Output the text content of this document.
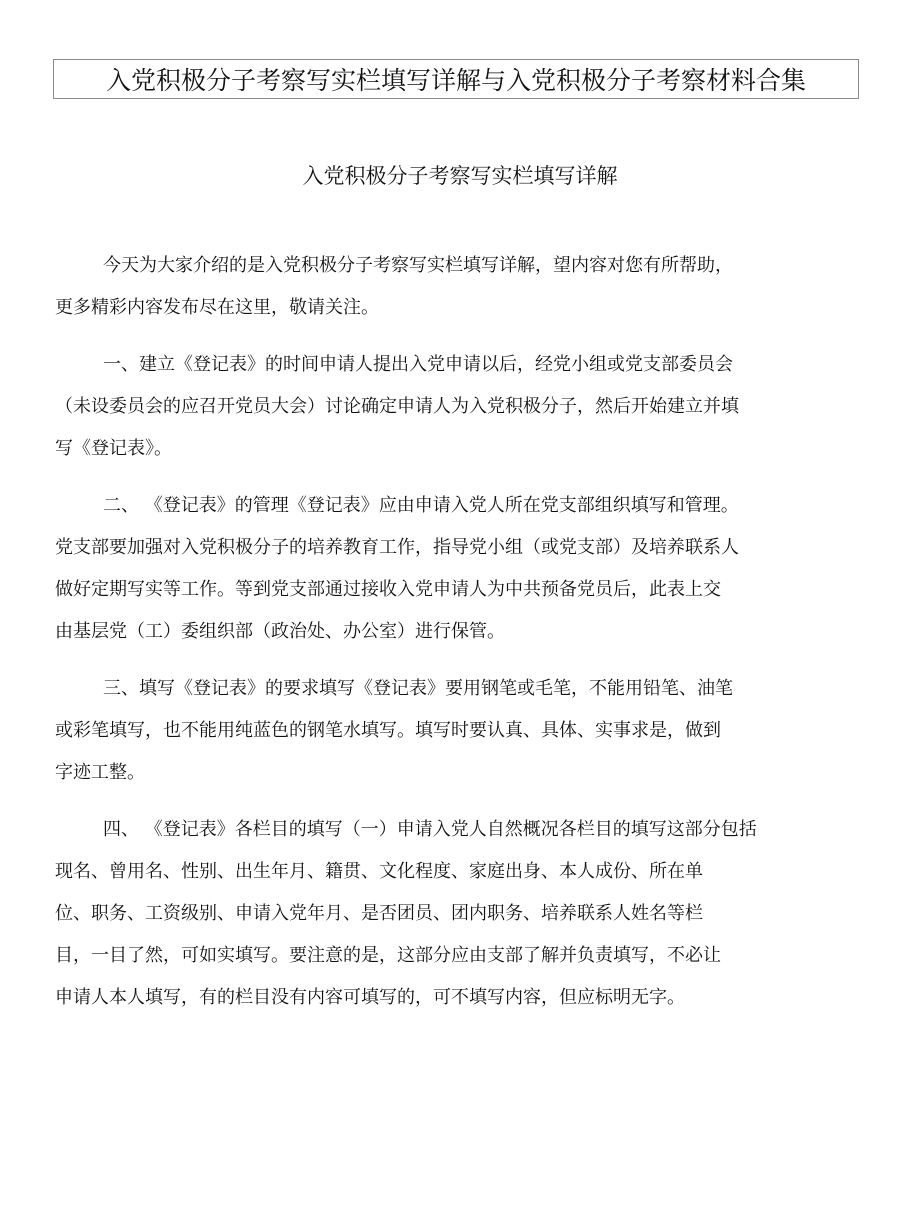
入党积极分子考察写实栏填写详解与入党积极分子考察材料合集
入党积极分子考察写实栏填写详解
今天为大家介绍的是入党积极分子考察写实栏填写详解，望内容对您有所帮助，
更多精彩内容发布尽在这里，敬请关注。
一、建立《登记表》的时间申请人提出入党申请以后，经党小组或党支部委员会
（未设委员会的应召开党员大会）讨论确定申请人为入党积极分子，然后开始建立并填
写《登记表》。
二、 《登记表》的管理《登记表》应由申请入党人所在党支部组织填写和管理。
党支部要加强对入党积极分子的培养教育工作，指导党小组（或党支部）及培养联系人
做好定期写实等工作。等到党支部通过接收入党申请人为中共预备党员后，此表上交
由基层党（工）委组织部（政治处、办公室）进行保管。
三、填写《登记表》的要求填写《登记表》要用钢笔或毛笔，不能用铅笔、油笔
或彩笔填写，也不能用纯蓝色的钢笔水填写。填写时要认真、具体、实事求是，做到
字迹工整。
四、 《登记表》各栏目的填写（一）申请入党人自然概况各栏目的填写这部分包括
现名、曾用名、性别、出生年月、籍贯、文化程度、家庭出身、本人成份、所在单
位、职务、工资级别、申请入党年月、是否团员、团内职务、培养联系人姓名等栏
目，一目了然，可如实填写。要注意的是，这部分应由支部了解并负责填写，不必让
申请人本人填写，有的栏目没有内容可填写的，可不填写内容，但应标明无字。
